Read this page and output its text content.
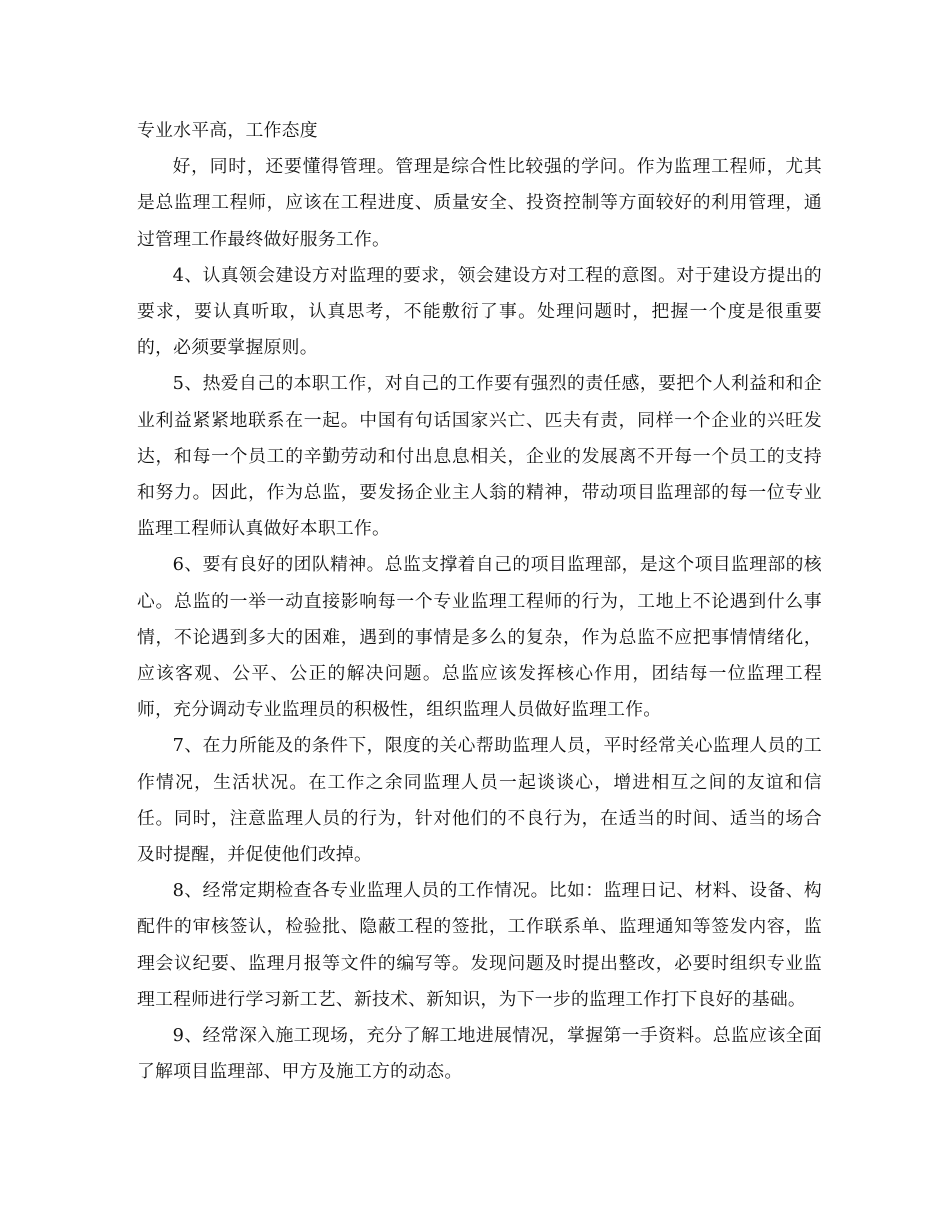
专业水平高，工作态度

好，同时，还要懂得管理。管理是综合性比较强的学问。作为监理工程师，尤其是总监理工程师，应该在工程进度、质量安全、投资控制等方面较好的利用管理，通过管理工作最终做好服务工作。

4、认真领会建设方对监理的要求，领会建设方对工程的意图。对于建设方提出的要求，要认真听取，认真思考，不能敷衍了事。处理问题时，把握一个度是很重要的，必须要掌握原则。

5、热爱自己的本职工作，对自己的工作要有强烈的责任感，要把个人利益和和企业利益紧紧地联系在一起。中国有句话国家兴亡、匹夫有责，同样一个企业的兴旺发达，和每一个员工的辛勤劳动和付出息息相关，企业的发展离不开每一个员工的支持和努力。因此，作为总监，要发扬企业主人翁的精神，带动项目监理部的每一位专业监理工程师认真做好本职工作。

6、要有良好的团队精神。总监支撑着自己的项目监理部，是这个项目监理部的核心。总监的一举一动直接影响每一个专业监理工程师的行为，工地上不论遇到什么事情，不论遇到多大的困难，遇到的事情是多么的复杂，作为总监不应把事情情绪化，应该客观、公平、公正的解决问题。总监应该发挥核心作用，团结每一位监理工程师，充分调动专业监理员的积极性，组织监理人员做好监理工作。

7、在力所能及的条件下，限度的关心帮助监理人员，平时经常关心监理人员的工作情况，生活状况。在工作之余同监理人员一起谈谈心，增进相互之间的友谊和信任。同时，注意监理人员的行为，针对他们的不良行为，在适当的时间、适当的场合及时提醒，并促使他们改掉。

8、经常定期检查各专业监理人员的工作情况。比如：监理日记、材料、设备、构配件的审核签认，检验批、隐蔽工程的签批，工作联系单、监理通知等签发内容，监理会议纪要、监理月报等文件的编写等。发现问题及时提出整改，必要时组织专业监理工程师进行学习新工艺、新技术、新知识，为下一步的监理工作打下良好的基础。

9、经常深入施工现场，充分了解工地进展情况，掌握第一手资料。总监应该全面了解项目监理部、甲方及施工方的动态。
